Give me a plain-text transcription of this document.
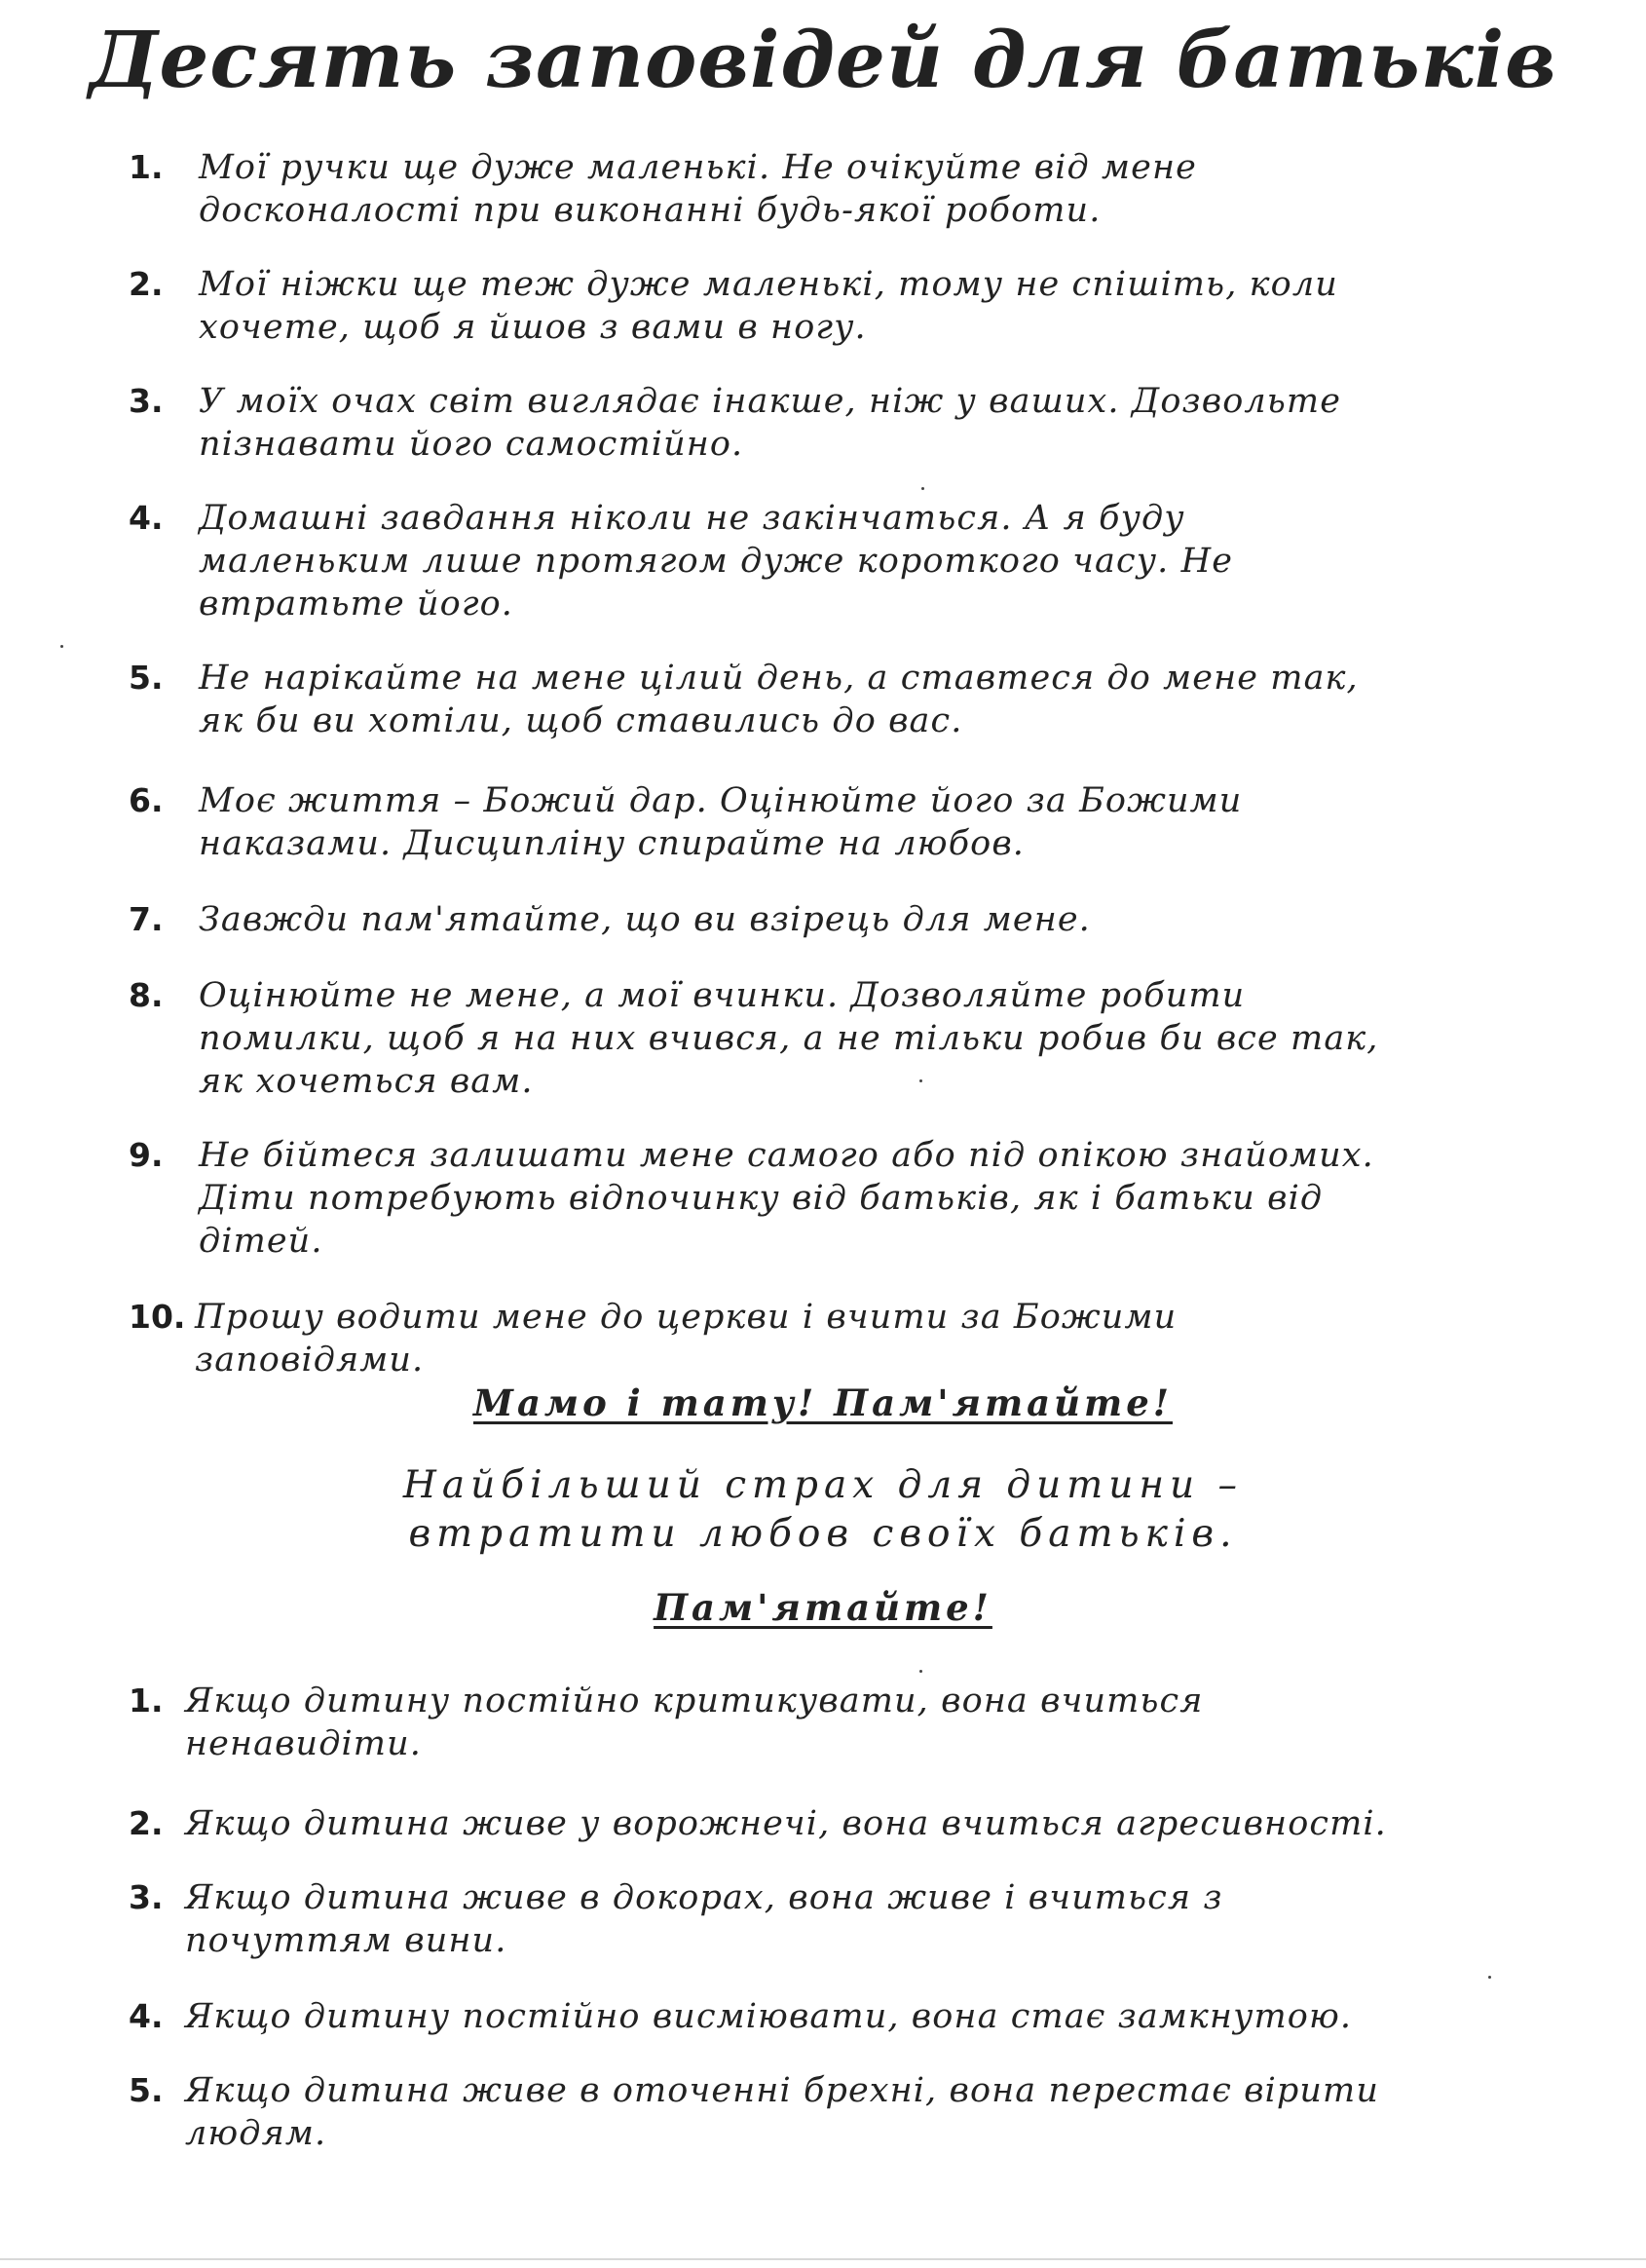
Десять заповідей для батьків
1. Мої ручки ще дуже маленькі. Не очікуйте від мене
досконалості при виконанні будь-якої роботи.
2. Мої ніжки ще теж дуже маленькі, тому не спішіть, коли
хочете, щоб я йшов з вами в ногу.
3. У моїх очах світ виглядає інакше, ніж у ваших. Дозвольте
пізнавати його самостійно.
4. Домашні завдання ніколи не закінчаться. А я буду
маленьким лише протягом дуже короткого часу. Не
втратьте його.
5. Не нарікайте на мене цілий день, а ставтеся до мене так,
як би ви хотіли, щоб ставились до вас.
6. Моє життя – Божий дар. Оцінюйте його за Божими
наказами. Дисципліну спирайте на любов.
7. Завжди пам'ятайте, що ви взірець для мене.
8. Оцінюйте не мене, а мої вчинки. Дозволяйте робити
помилки, щоб я на них вчився, а не тільки робив би все так,
як хочеться вам.
9. Не бійтеся залишати мене самого або під опікою знайомих.
Діти потребують відпочинку від батьків, як і батьки від
дітей.
10. Прошу водити мене до церкви і вчити за Божими
заповідями.
Мамо і тату! Пам'ятайте!
Найбільший страх для дитини –
втратити любов своїх батьків.
Пам'ятайте!
1. Якщо дитину постійно критикувати, вона вчиться
ненавидіти.
2. Якщо дитина живе у ворожнечі, вона вчиться агресивності.
3. Якщо дитина живе в докорах, вона живе і вчиться з
почуттям вини.
4. Якщо дитину постійно висміювати, вона стає замкнутою.
5. Якщо дитина живе в оточенні брехні, вона перестає вірити
людям.
